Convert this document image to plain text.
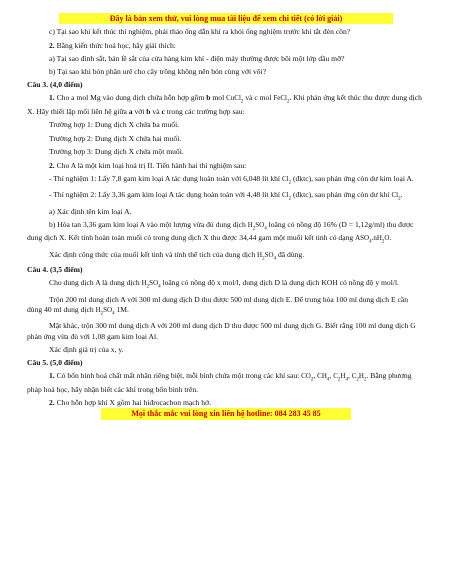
Đây là bản xem thử, vui lòng mua tài liệu để xem chi tiết (có lời giải)

c) Tại sao khi kết thúc thí nghiệm, phải tháo ống dẫn khí ra khỏi ống nghiệm trước khi tắt đèn cồn?

2. Bằng kiến thức hoá học, hãy giải thích:

a) Tại sao đinh sắt, bản lề sắt của cửa hàng kim khí - điện máy thường được bôi một lớp dầu mỡ?

b) Tại sao khi bón phân urê cho cây trồng không nên bón cùng với vôi?

Câu 3. (4,0 điểm)

1. Cho a mol Mg vào dung dịch chứa hỗn hợp gồm b mol CuCl$_2$ và c mol FeCl$_2$. Khi phản ứng kết thúc thu được dung dịch X. Hãy thiết lập mối liên hệ giữa a với b và c trong các trường hợp sau:

Trường hợp 1: Dung dịch X chứa ba muối.

Trường hợp 2: Dung dịch X chứa hai muối.

Trường hợp 3: Dung dịch X chứa một muối.

2. Cho A là một kim loại hoá trị II. Tiến hành hai thí nghiệm sau:

- Thí nghiệm 1: Lấy 7,8 gam kim loại A tác dụng hoàn toàn với 6,048 lít khí $Cl_2$ (đktc), sau phản ứng còn dư kim loại A.

- Thí nghiệm 2: Lấy 3,36 gam kim loại A tác dụng hoàn toàn với 4,48 lít khí $Cl_2$ (đktc), sau phản ứng còn dư khí $Cl_2$.

a) Xác định tên kim loại A.

b) Hòa tan 3,36 gam kim loại A vào một lượng vừa đủ dung dịch $H_2SO_4$ loãng có nồng độ 16% (D = 1,12g/ml) thu được dung dịch X. Kết tinh hoàn toàn muối có trong dung dịch X thu được 34,44 gam một muối kết tinh có dạng $ASO_4.nH_2O$.

Xác định công thức của muối kết tinh và tính thể tích của dung dịch $H_2SO_4$ đã dùng.

Câu 4. (3,5 điểm)

Cho dung dịch A là dung dịch $H_2SO_4$ loãng có nồng độ x mol/l, dung dịch D là dung dịch KOH có nồng độ y mol/l.

Trộn 200 ml dung dịch A với 300 ml dung dịch D thu được 500 ml dung dịch E. Để trung hòa 100 ml dung dịch E cần dùng 40 ml dung dịch $H_2SO_4$ 1M.

Mặt khác, trộn 300 ml dung dịch A với 200 ml dung dịch D thu được 500 ml dung dịch G. Biết rằng 100 ml dung dịch G phản ứng vừa đủ với 1,08 gam kim loại Al.

Xác định giá trị của x, y.

Câu 5. (5,0 điểm)

1. Có bốn bình hoá chất mất nhãn riêng biệt, mỗi bình chứa một trong các khí sau: $CO_2$, $CH_4$, $C_2H_4$, $C_2H_2$. Bằng phương pháp hoá học, hãy nhận biết các khí trong bốn bình trên.

2. Cho hỗn hợp khí X gồm hai hiđrocacbon mạch hở.

Mọi thắc mắc vui lòng xin liên hệ hotline: 084 283 45 85
